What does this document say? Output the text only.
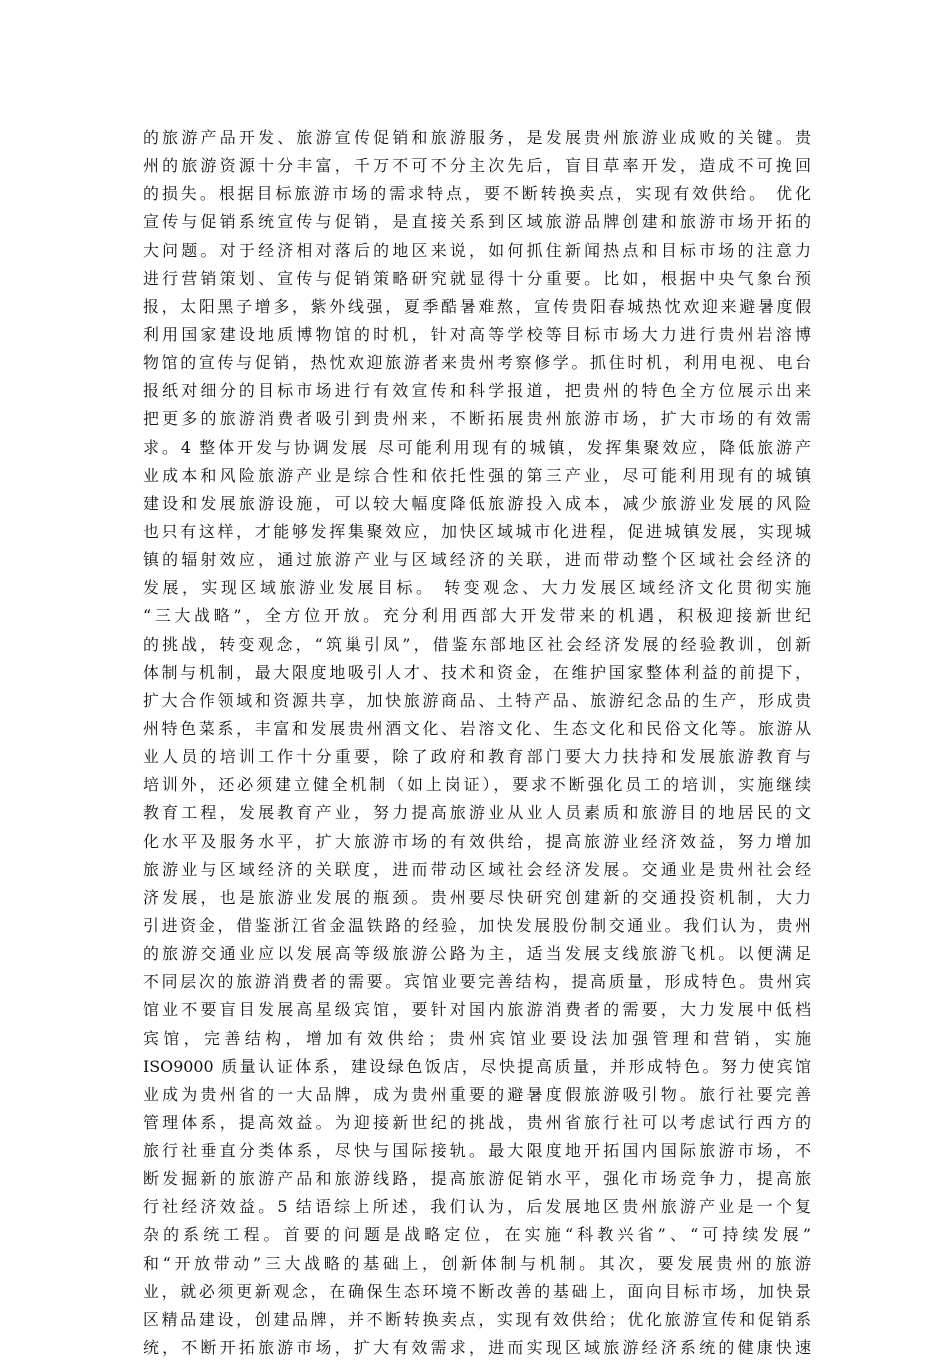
的旅游产品开发、旅游宣传促销和旅游服务，是发展贵州旅游业成败的关键。贵
州的旅游资源十分丰富，千万不可不分主次先后，盲目草率开发，造成不可挽回
的损失。根据目标旅游市场的需求特点，要不断转换卖点，实现有效供给。 优化
宣传与促销系统宣传与促销，是直接关系到区域旅游品牌创建和旅游市场开拓的
大问题。对于经济相对落后的地区来说，如何抓住新闻热点和目标市场的注意力
进行营销策划、宣传与促销策略研究就显得十分重要。比如，根据中央气象台预
报，太阳黑子增多，紫外线强，夏季酷暑难熬，宣传贵阳春城热忱欢迎来避暑度假
利用国家建设地质博物馆的时机，针对高等学校等目标市场大力进行贵州岩溶博
物馆的宣传与促销，热忱欢迎旅游者来贵州考察修学。抓住时机，利用电视、电台
报纸对细分的目标市场进行有效宣传和科学报道，把贵州的特色全方位展示出来
把更多的旅游消费者吸引到贵州来，不断拓展贵州旅游市场，扩大市场的有效需
求。4 整体开发与协调发展 尽可能利用现有的城镇，发挥集聚效应，降低旅游产
业成本和风险旅游产业是综合性和依托性强的第三产业，尽可能利用现有的城镇
建设和发展旅游设施，可以较大幅度降低旅游投入成本，减少旅游业发展的风险
也只有这样，才能够发挥集聚效应，加快区域城市化进程，促进城镇发展，实现城
镇的辐射效应，通过旅游产业与区域经济的关联，进而带动整个区域社会经济的
发展，实现区域旅游业发展目标。 转变观念、大力发展区域经济文化贯彻实施
“三大战略”，全方位开放。充分利用西部大开发带来的机遇，积极迎接新世纪
的挑战，转变观念，“筑巢引凤”，借鉴东部地区社会经济发展的经验教训，创新
体制与机制，最大限度地吸引人才、技术和资金，在维护国家整体利益的前提下，
扩大合作领域和资源共享，加快旅游商品、土特产品、旅游纪念品的生产，形成贵
州特色菜系，丰富和发展贵州酒文化、岩溶文化、生态文化和民俗文化等。旅游从
业人员的培训工作十分重要，除了政府和教育部门要大力扶持和发展旅游教育与
培训外，还必须建立健全机制（如上岗证），要求不断强化员工的培训，实施继续
教育工程，发展教育产业，努力提高旅游业从业人员素质和旅游目的地居民的文
化水平及服务水平，扩大旅游市场的有效供给，提高旅游业经济效益，努力增加
旅游业与区域经济的关联度，进而带动区域社会经济发展。交通业是贵州社会经
济发展，也是旅游业发展的瓶颈。贵州要尽快研究创建新的交通投资机制，大力
引进资金，借鉴浙江省金温铁路的经验，加快发展股份制交通业。我们认为，贵州
的旅游交通业应以发展高等级旅游公路为主，适当发展支线旅游飞机。以便满足
不同层次的旅游消费者的需要。宾馆业要完善结构，提高质量，形成特色。贵州宾
馆业不要盲目发展高星级宾馆，要针对国内旅游消费者的需要，大力发展中低档
宾馆，完善结构，增加有效供给；贵州宾馆业要设法加强管理和营销，实施
ISO9000 质量认证体系，建设绿色饭店，尽快提高质量，并形成特色。努力使宾馆
业成为贵州省的一大品牌，成为贵州重要的避暑度假旅游吸引物。旅行社要完善
管理体系，提高效益。为迎接新世纪的挑战，贵州省旅行社可以考虑试行西方的
旅行社垂直分类体系，尽快与国际接轨。最大限度地开拓国内国际旅游市场，不
断发掘新的旅游产品和旅游线路，提高旅游促销水平，强化市场竞争力，提高旅
行社经济效益。5 结语综上所述，我们认为，后发展地区贵州旅游产业是一个复
杂的系统工程。首要的问题是战略定位，在实施“科教兴省”、“可持续发展”
和“开放带动”三大战略的基础上，创新体制与机制。其次，要发展贵州的旅游
业，就必须更新观念，在确保生态环境不断改善的基础上，面向目标市场，加快景
区精品建设，创建品牌，并不断转换卖点，实现有效供给；优化旅游宣传和促销系
统，不断开拓旅游市场，扩大有效需求，进而实现区域旅游经济系统的健康快速
